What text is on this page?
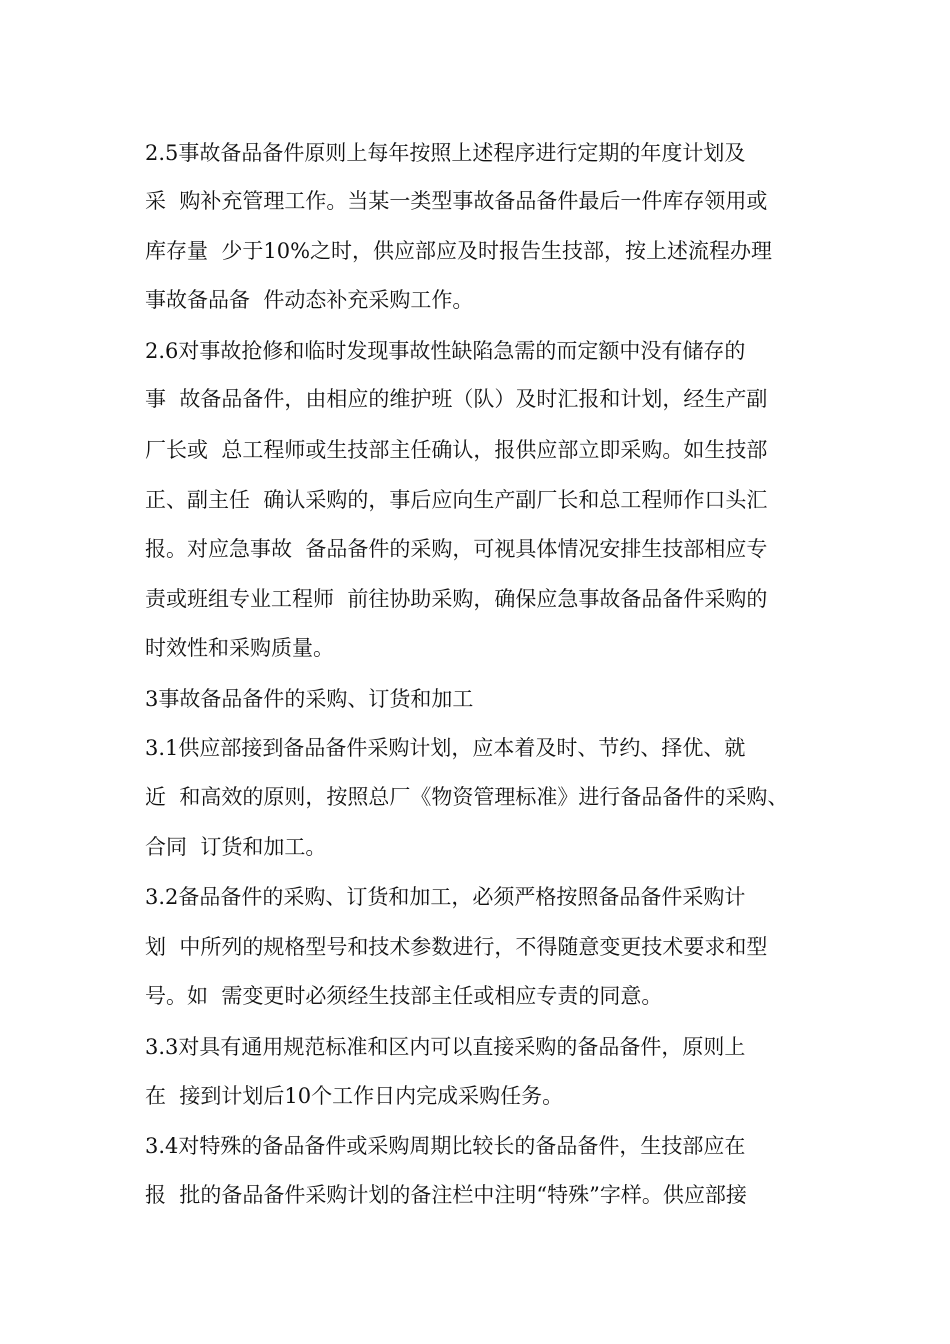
2.5事故备品备件原则上每年按照上述程序进行定期的年度计划及

采  购补充管理工作。当某一类型事故备品备件最后一件库存领用或

库存量  少于10%之时，供应部应及时报告生技部，按上述流程办理

事故备品备  件动态补充采购工作。

2.6对事故抢修和临时发现事故性缺陷急需的而定额中没有储存的

事  故备品备件，由相应的维护班（队）及时汇报和计划，经生产副

厂长或  总工程师或生技部主任确认，报供应部立即采购。如生技部

正、副主任  确认采购的，事后应向生产副厂长和总工程师作口头汇

报。对应急事故  备品备件的采购，可视具体情况安排生技部相应专

责或班组专业工程师  前往协助采购，确保应急事故备品备件采购的

时效性和采购质量。

3事故备品备件的采购、订货和加工

3.1供应部接到备品备件采购计划，应本着及时、节约、择优、就

近  和高效的原则，按照总厂《物资管理标准》进行备品备件的采购、

合同  订货和加工。

3.2备品备件的采购、订货和加工，必须严格按照备品备件采购计

划  中所列的规格型号和技术参数进行，不得随意变更技术要求和型

号。如  需变更时必须经生技部主任或相应专责的同意。

3.3对具有通用规范标准和区内可以直接采购的备品备件，原则上

在  接到计划后10个工作日内完成采购任务。

3.4对特殊的备品备件或采购周期比较长的备品备件，生技部应在

报  批的备品备件采购计划的备注栏中注明“特殊”字样。供应部接
